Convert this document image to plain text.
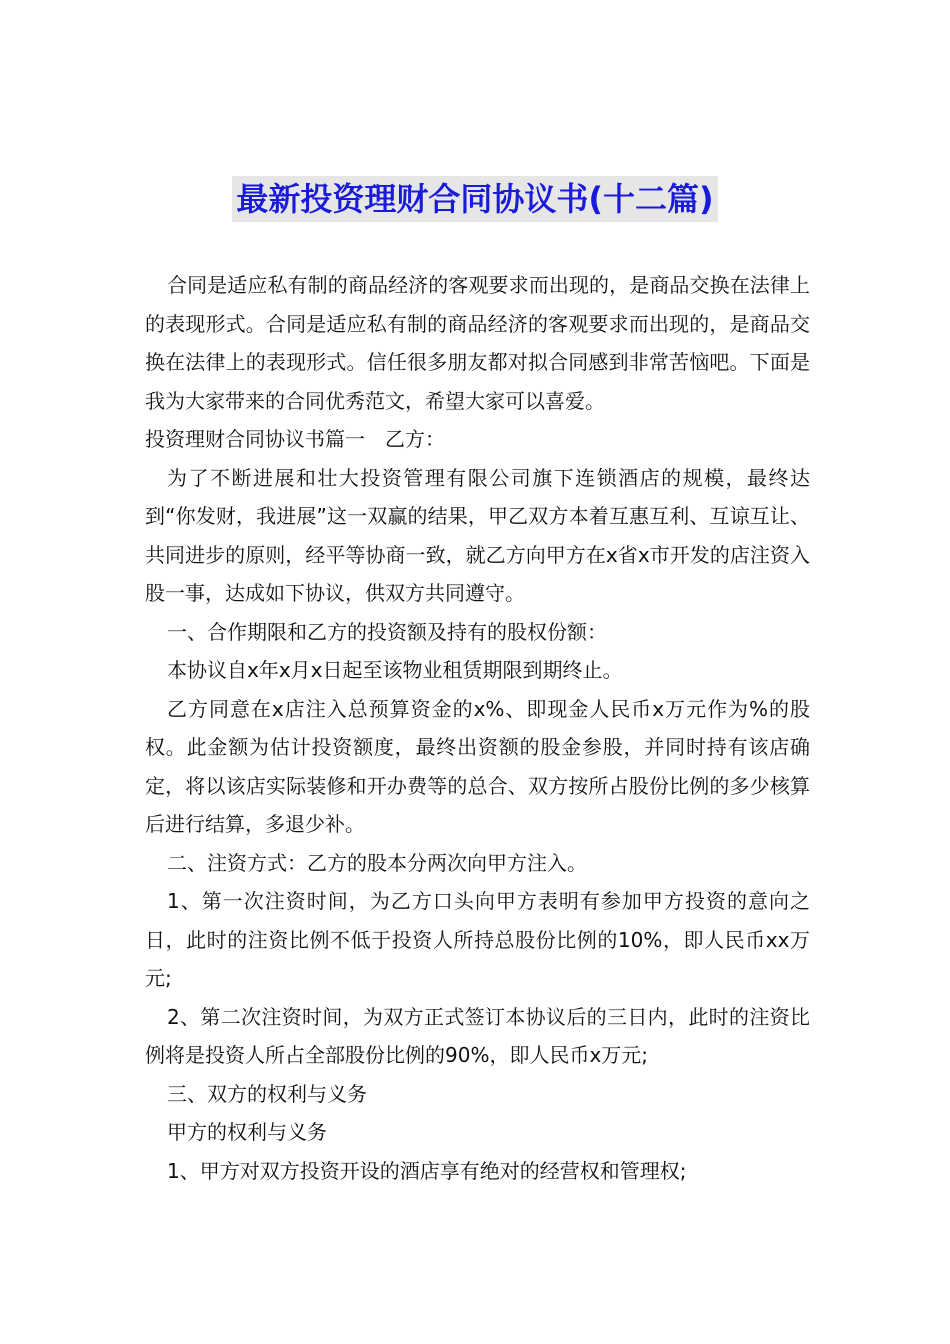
最新投资理财合同协议书(十二篇)

合同是适应私有制的商品经济的客观要求而出现的，是商品交换在法律上的表现形式。合同是适应私有制的商品经济的客观要求而出现的，是商品交换在法律上的表现形式。信任很多朋友都对拟合同感到非常苦恼吧。下面是我为大家带来的合同优秀范文，希望大家可以喜爱。

投资理财合同协议书篇一　乙方：

为了不断进展和壮大投资管理有限公司旗下连锁酒店的规模，最终达到“你发财，我进展”这一双赢的结果，甲乙双方本着互惠互利、互谅互让、共同进步的原则，经平等协商一致，就乙方向甲方在x省x市开发的店注资入股一事，达成如下协议，供双方共同遵守。

一、合作期限和乙方的投资额及持有的股权份额：

本协议自x年x月x日起至该物业租赁期限到期终止。

乙方同意在x店注入总预算资金的x%、即现金人民币x万元作为%的股权。此金额为估计投资额度，最终出资额的股金参股，并同时持有该店确定，将以该店实际装修和开办费等的总合、双方按所占股份比例的多少核算后进行结算，多退少补。

二、注资方式：乙方的股本分两次向甲方注入。

1、第一次注资时间，为乙方口头向甲方表明有参加甲方投资的意向之日，此时的注资比例不低于投资人所持总股份比例的10%，即人民币xx万元;

2、第二次注资时间，为双方正式签订本协议后的三日内，此时的注资比例将是投资人所占全部股份比例的90%，即人民币x万元;

三、双方的权利与义务

甲方的权利与义务

1、甲方对双方投资开设的酒店享有绝对的经营权和管理权;
